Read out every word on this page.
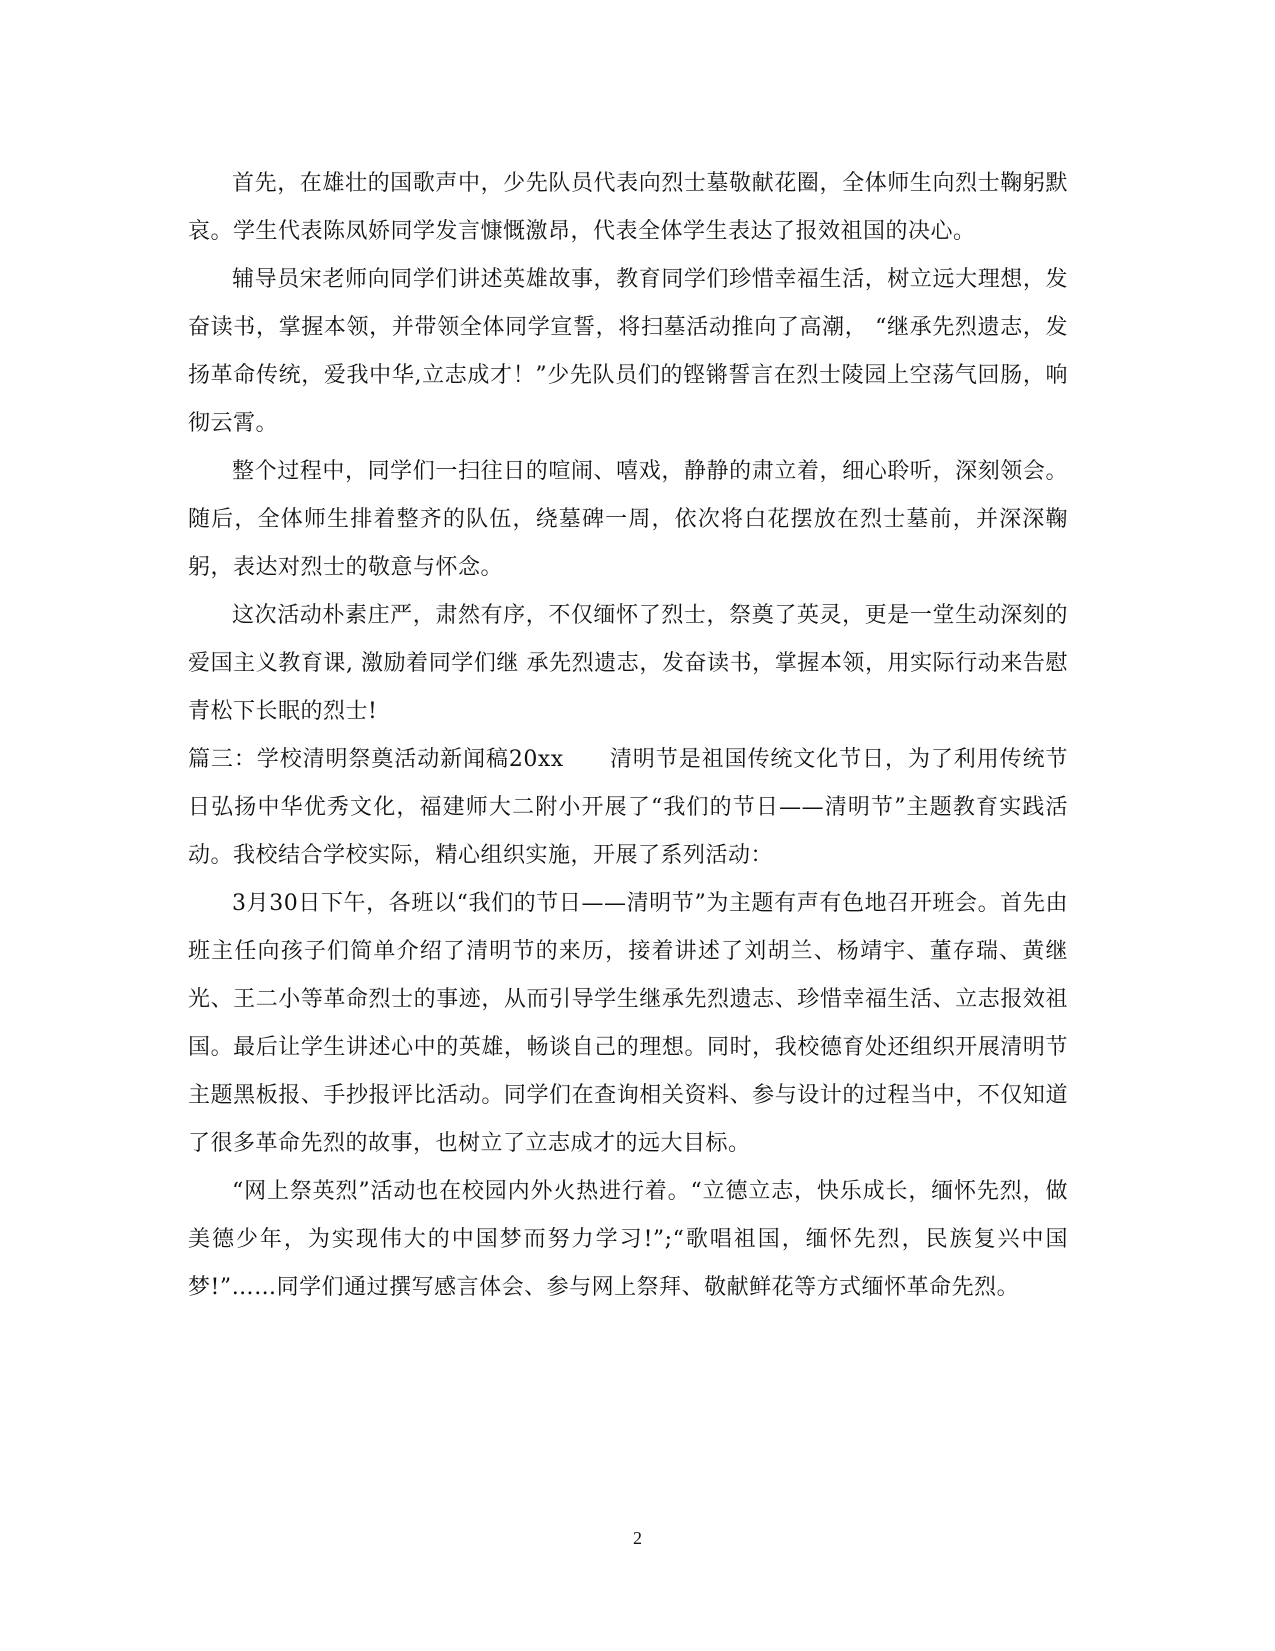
首先，在雄壮的国歌声中，少先队员代表向烈士墓敬献花圈，全体师生向烈士鞠躬默哀。学生代表陈凤娇同学发言慷慨激昂，代表全体学生表达了报效祖国的决心。

辅导员宋老师向同学们讲述英雄故事，教育同学们珍惜幸福生活，树立远大理想，发奋读书，掌握本领，并带领全体同学宣誓，将扫墓活动推向了高潮， “继承先烈遗志，发扬革命传统，爱我中华,立志成才！”少先队员们的铿锵誓言在烈士陵园上空荡气回肠，响彻云霄。

整个过程中，同学们一扫往日的喧闹、嘻戏，静静的肃立着，细心聆听，深刻领会。随后，全体师生排着整齐的队伍，绕墓碑一周，依次将白花摆放在烈士墓前，并深深鞠躬，表达对烈士的敬意与怀念。

这次活动朴素庄严，肃然有序，不仅缅怀了烈士，祭奠了英灵，更是一堂生动深刻的爱国主义教育课, 激励着同学们继 承先烈遗志，发奋读书，掌握本领，用实际行动来告慰青松下长眠的烈士!

篇三：学校清明祭奠活动新闻稿20xx　　清明节是祖国传统文化节日，为了利用传统节日弘扬中华优秀文化，福建师大二附小开展了“我们的节日——清明节”主题教育实践活动。我校结合学校实际，精心组织实施，开展了系列活动：

3月30日下午，各班以“我们的节日——清明节”为主题有声有色地召开班会。首先由班主任向孩子们简单介绍了清明节的来历，接着讲述了刘胡兰、杨靖宇、董存瑞、黄继光、王二小等革命烈士的事迹，从而引导学生继承先烈遗志、珍惜幸福生活、立志报效祖国。最后让学生讲述心中的英雄，畅谈自己的理想。同时，我校德育处还组织开展清明节主题黑板报、手抄报评比活动。同学们在查询相关资料、参与设计的过程当中，不仅知道了很多革命先烈的故事，也树立了立志成才的远大目标。

“网上祭英烈”活动也在校园内外火热进行着。“立德立志，快乐成长，缅怀先烈，做美德少年，为实现伟大的中国梦而努力学习!”;“歌唱祖国，缅怀先烈，民族复兴中国梦!”……同学们通过撰写感言体会、参与网上祭拜、敬献鲜花等方式缅怀革命先烈。

2
